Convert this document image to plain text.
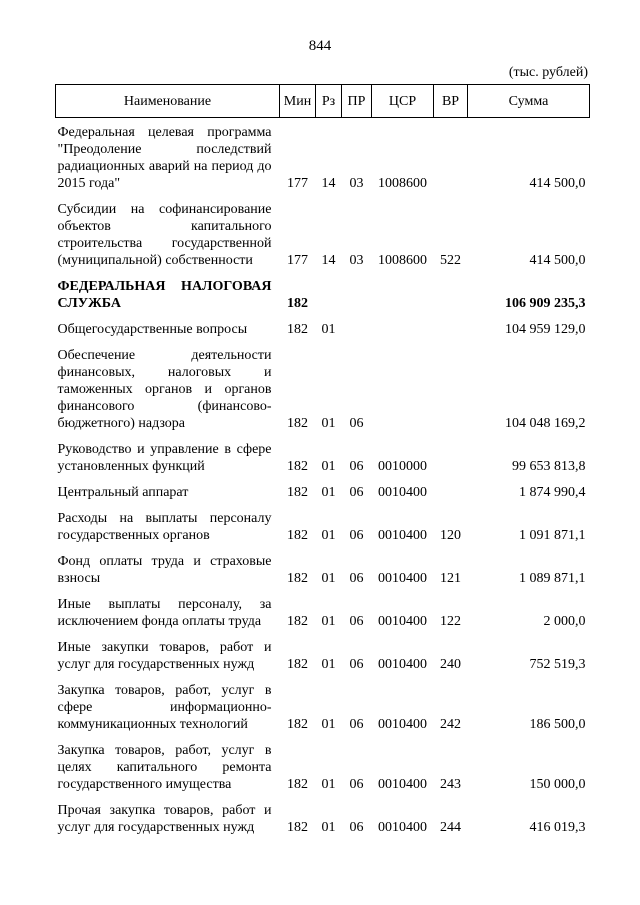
844
(тыс. рублей)
Наименование	Мин	Рз	ПР	ЦСР	ВР	Сумма
Федеральная целевая программа "Преодоление последствий радиационных аварий на период до 2015 года"	177	14	03	1008600		414 500,0
Субсидии на софинансирование объектов капитального строительства государственной (муниципальной) собственности	177	14	03	1008600	522	414 500,0
ФЕДЕРАЛЬНАЯ НАЛОГОВАЯ СЛУЖБА	182					106 909 235,3
Общегосударственные вопросы	182	01				104 959 129,0
Обеспечение деятельности финансовых, налоговых и таможенных органов и органов финансового (финансово-бюджетного) надзора	182	01	06			104 048 169,2
Руководство и управление в сфере установленных функций	182	01	06	0010000		99 653 813,8
Центральный аппарат	182	01	06	0010400		1 874 990,4
Расходы на выплаты персоналу государственных органов	182	01	06	0010400	120	1 091 871,1
Фонд оплаты труда и страховые взносы	182	01	06	0010400	121	1 089 871,1
Иные выплаты персоналу, за исключением фонда оплаты труда	182	01	06	0010400	122	2 000,0
Иные закупки товаров, работ и услуг для государственных нужд	182	01	06	0010400	240	752 519,3
Закупка товаров, работ, услуг в сфере информационно-коммуникационных технологий	182	01	06	0010400	242	186 500,0
Закупка товаров, работ, услуг в целях капитального ремонта государственного имущества	182	01	06	0010400	243	150 000,0
Прочая закупка товаров, работ и услуг для государственных нужд	182	01	06	0010400	244	416 019,3
